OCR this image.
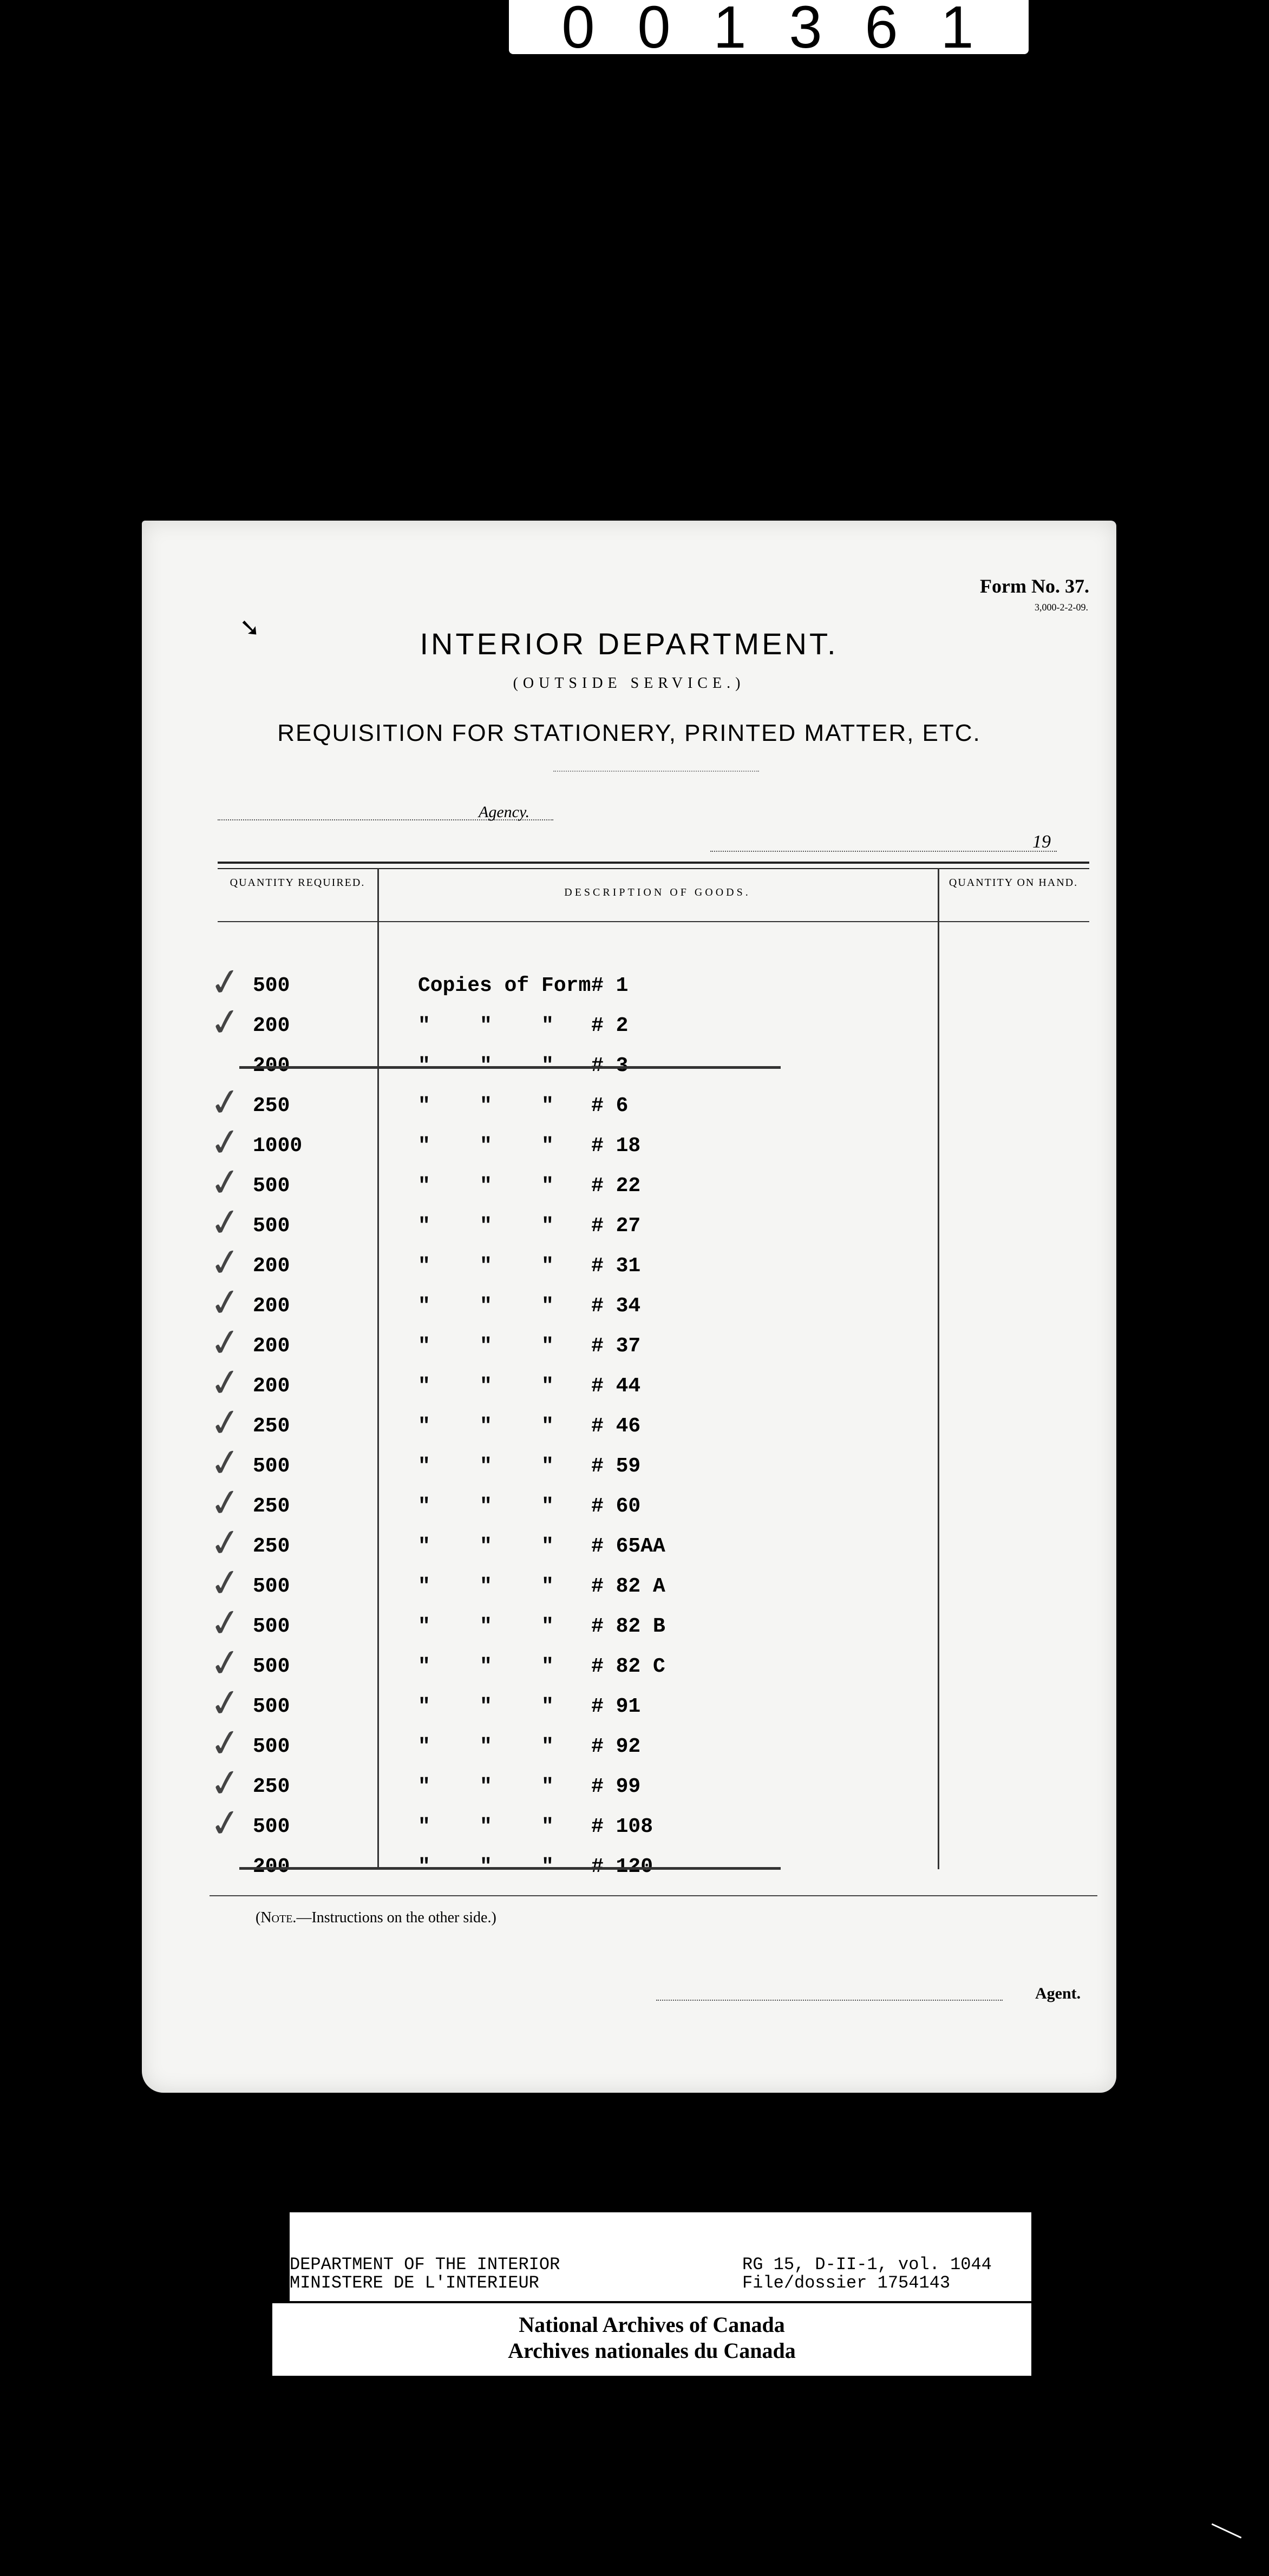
0 0 1 3 6 1
Form No. 37.
3,000-2-2-09.
➘	INTERIOR DEPARTMENT.
(OUTSIDE SERVICE.)
REQUISITION FOR STATIONERY, PRINTED MATTER, ETC.
Agency.
19
QUANTITY REQUIRED.
DESCRIPTION OF GOODS.
QUANTITY ON HAND.
✓ 500	Copies of Form # 1
✓ 200	"    "    " # 2
200	"    "    " # 3
✓ 250	"    "    " # 6
✓ 1000	"    "    " # 18
✓ 500	"    "    " # 22
✓ 500	"    "    " # 27
✓ 200	"    "    " # 31
✓ 200	"    "    " # 34
✓ 200	"    "    " # 37
✓ 200	"    "    " # 44
✓ 250	"    "    " # 46
✓ 500	"    "    " # 59
✓ 250	"    "    " # 60
✓ 250	"    "    " # 65AA
✓ 500	"    "    " # 82 A
✓ 500	"    "    " # 82 B
✓ 500	"    "    " # 82 C
✓ 500	"    "    " # 91
✓ 500	"    "    " # 92
✓ 250	"    "    " # 99
✓ 500	"    "    " # 108
200	"    "    " # 120
(Note.—Instructions on the other side.)
Agent.
DEPARTMENT OF THE INTERIOR
MINISTERE DE L'INTERIEUR
RG 15, D-II-1, vol. 1044
File/dossier 1754143
National Archives of Canada
Archives nationales du Canada
